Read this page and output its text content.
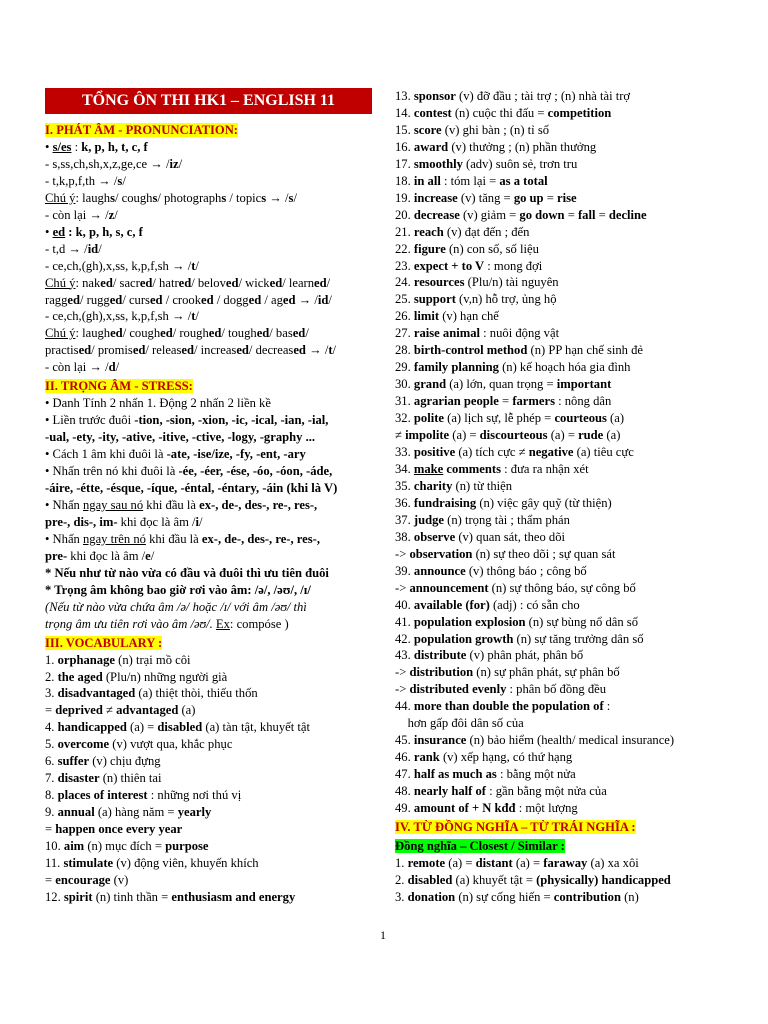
TỔNG ÔN THI HK1 – ENGLISH 11
I. PHÁT ÂM - PRONUNCIATION:
• s/es : k, p, h, t, c, f
- s,ss,ch,sh,x,z,ge,ce → /iz/
- t,k,p,f,th → /s/
Chú ý: laughs/ coughs/ photographs / topics → /s/
- còn lại → /z/
• ed : k, p, h, s, c, f
- t,d → /id/
- ce,ch,(gh),x,ss, k,p,f,sh → /t/
Chú ý: naked/ sacred/ hatred/ beloved/ wicked/ learned/
ragged/ rugged/ cursed / crooked / dogged / aged → /id/
- ce,ch,(gh),x,ss, k,p,f,sh → /t/
Chú ý: laughed/ coughed/ roughed/ toughed/ based/
practised/ promised/ released/ increased/ decreased → /t/
- còn lại → /d/
II. TRỌNG ÂM - STRESS:
• Danh Tính 2 nhấn 1. Động 2 nhấn 2 liền kề
• Liền trước đuôi -tion, -sion, -xion, -ic, -ical, -ian, -ial,
-ual, -ety, -ity, -ative, -itive, -ctive, -logy, -graphy ...
• Cách 1 âm khi đuôi là -ate, -ise/ize, -fy, -ent, -ary
• Nhấn trên nó khi đuôi là -ée, -éer, -ése, -óo, -óon, -áde,
-áire, -étte, -ésque, -íque, -éntal, -éntary, -áin (khi là V)
• Nhấn ngay sau nó khi đầu là ex-, de-, des-, re-, res-,
pre-, dis-, im- khi đọc là âm /i/
• Nhấn ngay trên nó khi đầu là ex-, de-, des-, re-, res-,
pre- khi đọc là âm /e/
* Nếu như từ nào vừa có đầu và đuôi thì ưu tiên đuôi
* Trọng âm không bao giờ rơi vào âm: /ə/, /əʊ/, /ɪ/
(Nếu từ nào vừa chứa âm /ə/ hoặc /ɪ/ với âm /əʊ/ thì
trọng âm ưu tiên rơi vào âm /əʊ/. Ex: compóse )
III. VOCABULARY :
1. orphanage (n) trại mồ côi
2. the aged (Plu/n) những người già
3. disadvantaged (a) thiệt thòi, thiếu thốn
= deprived ≠ advantaged (a)
4. handicapped (a) = disabled (a) tàn tật, khuyết tật
5. overcome (v) vượt qua, khắc phục
6. suffer (v) chịu đựng
7. disaster (n) thiên tai
8. places of interest : những nơi thú vị
9. annual (a) hàng năm = yearly
= happen once every year
10. aim (n) mục đích = purpose
11. stimulate (v) động viên, khuyến khích
= encourage (v)
12. spirit (n) tinh thần = enthusiasm and energy
13. sponsor (v) đỡ đầu ; tài trợ ; (n) nhà tài trợ
14. contest (n) cuộc thi đấu = competition
15. score (v) ghi bàn ; (n) tỉ số
16. award (v) thưởng ; (n) phần thưởng
17. smoothly (adv) suôn sẻ, trơn tru
18. in all : tóm lại = as a total
19. increase (v) tăng = go up = rise
20. decrease (v) giảm = go down = fall = decline
21. reach (v) đạt đến ; đến
22. figure (n) con số, số liệu
23. expect + to V : mong đợi
24. resources (Plu/n) tài nguyên
25. support (v,n) hỗ trợ, ủng hộ
26. limit (v) hạn chế
27. raise animal : nuôi động vật
28. birth-control method (n) PP hạn chế sinh đẻ
29. family planning (n) kế hoạch hóa gia đình
30. grand (a) lớn, quan trọng = important
31. agrarian people = farmers : nông dân
32. polite (a) lịch sự, lễ phép = courteous (a)
≠ impolite (a) = discourteous (a) = rude (a)
33. positive (a) tích cực ≠ negative (a) tiêu cực
34. make comments : đưa ra nhận xét
35. charity (n) từ thiện
36. fundraising (n) việc gây quỹ (từ thiện)
37. judge (n) trọng tài ; thẩm phán
38. observe (v) quan sát, theo dõi
-> observation (n) sự theo dõi ; sự quan sát
39. announce (v) thông báo ; công bố
-> announcement (n) sự thông báo, sự công bố
40. available (for) (adj) : có sẵn cho
41. population explosion (n) sự bùng nổ dân số
42. population growth (n) sự tăng trưởng dân số
43. distribute (v) phân phát, phân bố
-> distribution (n) sự phân phát, sự phân bố
-> distributed evenly : phân bố đồng đều
44. more than double the population of :
hơn gấp đôi dân số của
45. insurance (n) bảo hiểm (health/ medical insurance)
46. rank (v) xếp hạng, có thứ hạng
47. half as much as : bằng một nửa
48. nearly half of : gần bằng một nửa của
49. amount of + N kđđ : một lượng
IV. TỪ ĐỒNG NGHĨA – TỪ TRÁI NGHĨA :
Đồng nghĩa – Closest / Similar :
1. remote (a) = distant (a) = faraway (a) xa xôi
2. disabled (a) khuyết tật = (physically) handicapped
3. donation (n) sự cống hiến = contribution (n)
1
